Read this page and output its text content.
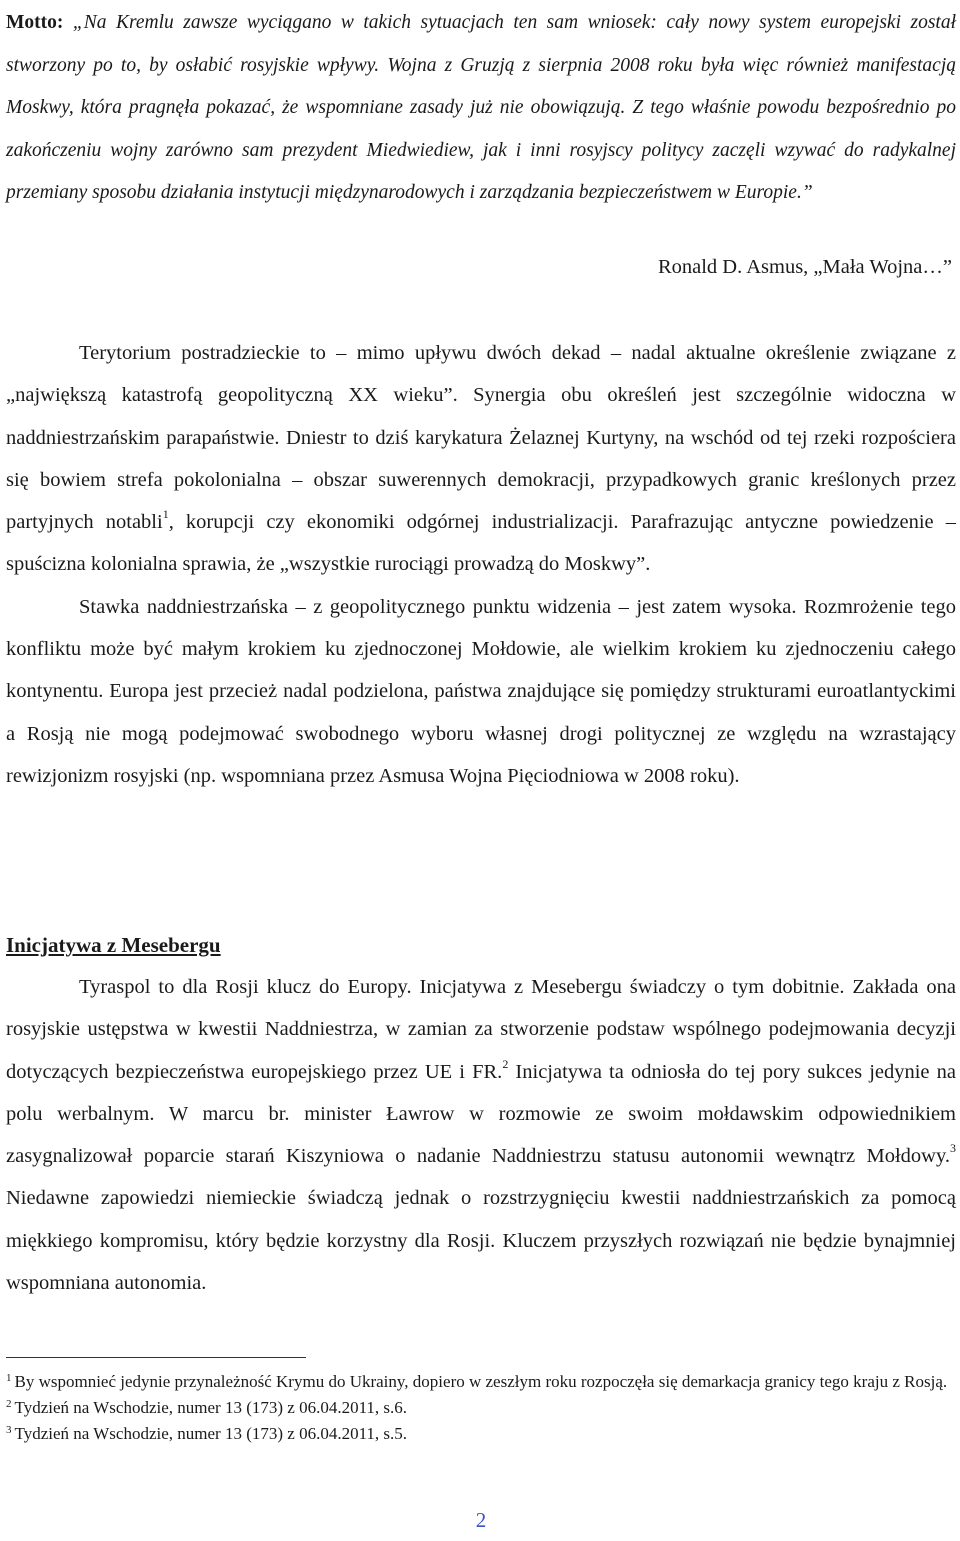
Motto: „Na Kremlu zawsze wyciągano w takich sytuacjach ten sam wniosek: cały nowy system europejski został stworzony po to, by osłabić rosyjskie wpływy. Wojna z Gruzją z sierpnia 2008 roku była więc również manifestacją Moskwy, która pragnęła pokazać, że wspomniane zasady już nie obowiązują. Z tego właśnie powodu bezpośrednio po zakończeniu wojny zarówno sam prezydent Miedwiediew, jak i inni rosyjscy politycy zaczęli wzywać do radykalnej przemiany sposobu działania instytucji międzynarodowych i zarządzania bezpieczeństwem w Europie.”
Ronald D. Asmus, „Mała Wojna…”

Terytorium postradzieckie to – mimo upływu dwóch dekad – nadal aktualne określenie związane z „największą katastrofą geopolityczną XX wieku”. Synergia obu określeń jest szczególnie widoczna w naddniestrzańskim parapaństwie. Dniestr to dziś karykatura Żelaznej Kurtyny, na wschód od tej rzeki rozpościera się bowiem strefa pokolonialna – obszar suwerennych demokracji, przypadkowych granic kreślonych przez partyjnych notabli$^1$, korupcji czy ekonomiki odgórnej industrializacji. Parafrazując antyczne powiedzenie – spuścizna kolonialna sprawia, że „wszystkie rurociągi prowadzą do Moskwy”.

Stawka naddniestrzańska – z geopolitycznego punktu widzenia – jest zatem wysoka. Rozmrożenie tego konfliktu może być małym krokiem ku zjednoczonej Mołdowie, ale wielkim krokiem ku zjednoczeniu całego kontynentu. Europa jest przecież nadal podzielona, państwa znajdujące się pomiędzy strukturami euroatlantyckimi a Rosją nie mogą podejmować swobodnego wyboru własnej drogi politycznej ze względu na wzrastający rewizjonizm rosyjski (np. wspomniana przez Asmusa Wojna Pięciodniowa w 2008 roku).

Inicjatywa z Mesebergu

Tyraspol to dla Rosji klucz do Europy. Inicjatywa z Mesebergu świadczy o tym dobitnie. Zakłada ona rosyjskie ustępstwa w kwestii Naddniestrza, w zamian za stworzenie podstaw wspólnego podejmowania decyzji dotyczących bezpieczeństwa europejskiego przez UE i FR.$^2$ Inicjatywa ta odniosła do tej pory sukces jedynie na polu werbalnym. W marcu br. minister Ławrow w rozmowie ze swoim mołdawskim odpowiednikiem zasygnalizował poparcie starań Kiszyniowa o nadanie Naddniestrzu statusu autonomii wewnątrz Mołdowy.$^3$ Niedawne zapowiedzi niemieckie świadczą jednak o rozstrzygnięciu kwestii naddniestrzańskich za pomocą miękkiego kompromisu, który będzie korzystny dla Rosji. Kluczem przyszłych rozwiązań nie będzie bynajmniej wspomniana autonomia.

$^1$ By wspomnieć jedynie przynależność Krymu do Ukrainy, dopiero w zeszłym roku rozpoczęła się demarkacja granicy tego kraju z Rosją.

$^2$ Tydzień na Wschodzie, numer 13 (173) z 06.04.2011, s.6.

$^3$ Tydzień na Wschodzie, numer 13 (173) z 06.04.2011, s.5.

2
